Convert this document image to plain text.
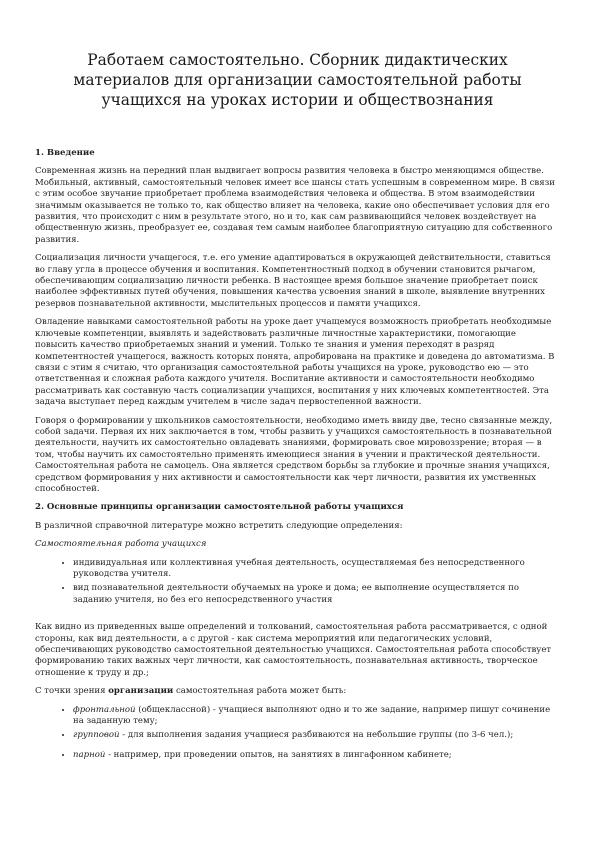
Работаем самостоятельно. Сборник дидактических материалов для организации самостоятельной работы учащихся на уроках истории и обществознания
1. Введение

Современная жизнь на передний план выдвигает вопросы развития человека в быстро меняющимся обществе. Мобильный, активный, самостоятельный человек имеет все шансы стать успешным в современном мире. В связи с этим особое звучание приобретает проблема взаимодействия человека и общества. В этом взаимодействии значимым оказывается не только то, как общество влияет на человека, какие оно обеспечивает условия для его развития, что происходит с ним в результате этого, но и то, как сам развивающийся человек воздействует на общественную жизнь, преобразует ее, создавая тем самым наиболее благоприятную ситуацию для собственного развития.

Социализация личности учащегося, т.е. его умение адаптироваться в окружающей действительности, ставиться во главу угла в процессе обучения и воспитания. Компетентностный подход в обучении становится рычагом, обеспечивающим социализацию личности ребенка. В настоящее время большое значение приобретает поиск наиболее эффективных путей обучения, повышения качества усвоения знаний в школе, выявление внутренних резервов познавательной активности, мыслительных процессов и памяти учащихся.

Овладение навыками самостоятельной работы на уроке дает учащемуся возможность приобретать необходимые ключевые компетенции, выявлять и задействовать различные личностные характеристики, помогающие повысить качество приобретаемых знаний и умений. Только те знания и умения переходят в разряд компетентностей учащегося, важность которых понята, апробирована на практике и доведена до автоматизма. В связи с этим я считаю, что организация самостоятельной работы учащихся на уроке, руководство ею — это ответственная и сложная работа каждого учителя. Воспитание активности и самостоятельности необходимо рассматривать как составную часть социализации учащихся, воспитания у них ключевых компетентностей. Эта задача выступает перед каждым учителем в числе задач первостепенной важности.

Говоря о формировании у школьников самостоятельности, необходимо иметь ввиду две, тесно связанные между, собой задачи. Первая их них заключается в том, чтобы развить у учащихся самостоятельность в познавательной деятельности, научить их самостоятельно овладевать знаниями, формировать свое мировоззрение; вторая — в том, чтобы научить их самостоятельно применять имеющиеся знания в учении и практической деятельности. Самостоятельная работа не самоцель. Она является средством борьбы за глубокие и прочные знания учащихся, средством формирования у них активности и самостоятельности как черт личности, развития их умственных способностей.

2. Основные принципы организации самостоятельной работы учащихся

В различной справочной литературе можно встретить следующие определения:

Самостоятельная работа учащихся

• индивидуальная или коллективная учебная деятельность, осуществляемая без непосредственного руководства учителя.
• вид познавательной деятельности обучаемых на уроке и дома; ее выполнение осуществляется по заданию учителя, но без его непосредственного участия

Как видно из приведенных выше определений и толкований, самостоятельная работа рассматривается, с одной стороны, как вид деятельности, а с другой - как система мероприятий или педагогических условий, обеспечивающих руководство самостоятельной деятельностью учащихся. Самостоятельная работа способствует формированию таких важных черт личности, как самостоятельность, познавательная активность, творческое отношение к труду и др.;

С точки зрения организации самостоятельная работа может быть:

• фронтальной (общеклассной) - учащиеся выполняют одно и то же задание, например пишут сочинение на заданную тему;
• групповой - для выполнения задания учащиеся разбиваются на небольшие группы (по 3-6 чел.);
• парной - например, при проведении опытов, на занятиях в лингафонном кабинете;
